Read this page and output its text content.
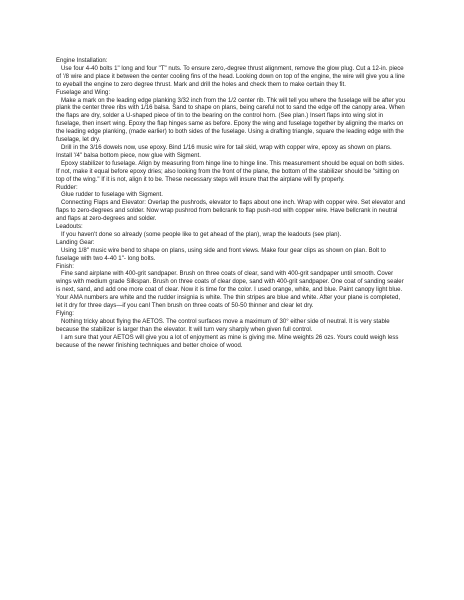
Engine Installation:
Use four 4-40 bolts 1" long and four "T" nuts. To ensure zero,-degree thrust alignment, remove the glow plug. Cut a 12-in. piece of '/8 wire and place it between the center cooling fins of the head. Looking down on top of the engine, the wire will give you a line to eyeball the engine to zero degree thrust. Mark and drill the holes and check them to make certain they fit.
Fuselage and Wing:
Make a mark on the leading edge planking 3/32 inch from the 1/2 center rib. Thk will tell you where the fuselage will be after you plank the center three ribs with 1/16 balsa. Sand to shape on plans, being careful not to sand the edge off the canopy area. When the flaps are dry, solder a U-shaped piece of tin to the bearing on the control horn. (See plan.) Insert flaps into wing slot in fuselage, then insert wing. Epoxy the flap hinges same as before. Epoxy the wing and fuselage together by aligning the marks on the leading edge planking, (made earlier) to both sides of the fuselage. Using a drafting triangle, square the leading edge with the fuselage, let dry.
Drill in the 3/16 dowels now, use epoxy. Bind 1/16 music wire for tail skid, wrap with copper wire, epoxy as shown on plans. Install '/4" balsa bottom piece, now glue with Sigment.
Epoxy stabilizer to fuselage. Align by measuring from hinge line to hinge line. This measurement should be equal on both sides. If not, make it equal before epoxy dries; also looking from the front of the plane, the bottom of the stabilizer should be "sitting on top of the wing." If it is not, align it to be. These necessary steps will insure that the airplane will fly properly.
Rudder:
Glue rudder to fuselage with Sigment.
Connecting Flaps and Elevator: Overlap the pushrods, elevator to flaps about one inch. Wrap with copper wire. Set elevator and flaps to zero-degrees and solder. Now wrap pushrod from bellcrank to flap push-rod with copper wire. Have bellcrank in neutral and flaps at zero-degrees and solder.
Leadouts:
If you haven't done so already (some people like to get ahead of the plan), wrap the leadouts (see plan).
Landing Gear:
Using 1/8" music wire bend to shape on plans, using side and front views. Make four gear clips as shown on plan. Bolt to fuselage with two 4-40 1"- long bolts.
Finish:
Fine sand airplane with 400-grit sandpaper. Brush on three coats of clear, sand with 400-grit sandpaper until smooth. Cover wings with medium grade Silkspan. Brush on three coats of clear dope, sand with 400-grit sandpaper. One coat of sanding sealer is next, sand, and add one more coat of clear. Now it is time for the color. I used orange, white, and blue. Paint canopy light blue. Your AMA numbers are white and the rudder insignia is white. The thin stripes are blue and white. After your plane is completed, let it dry for three days—if you canI Then brush on three coats of 50-50 thinner and clear let dry.
Flying:
Nothing tricky about flying the AETOS. The control surfaces move a maximum of 30° either side of neutral. It is very stable because the stabilizer is larger than the elevator. It will turn very sharply when given full control.
I am sure that your AETOS will give you a lot of enjoyment as mine is giving me. Mine weights 26 ozs. Yours could weigh less because of the newer finishing techniques and better choice of wood.
